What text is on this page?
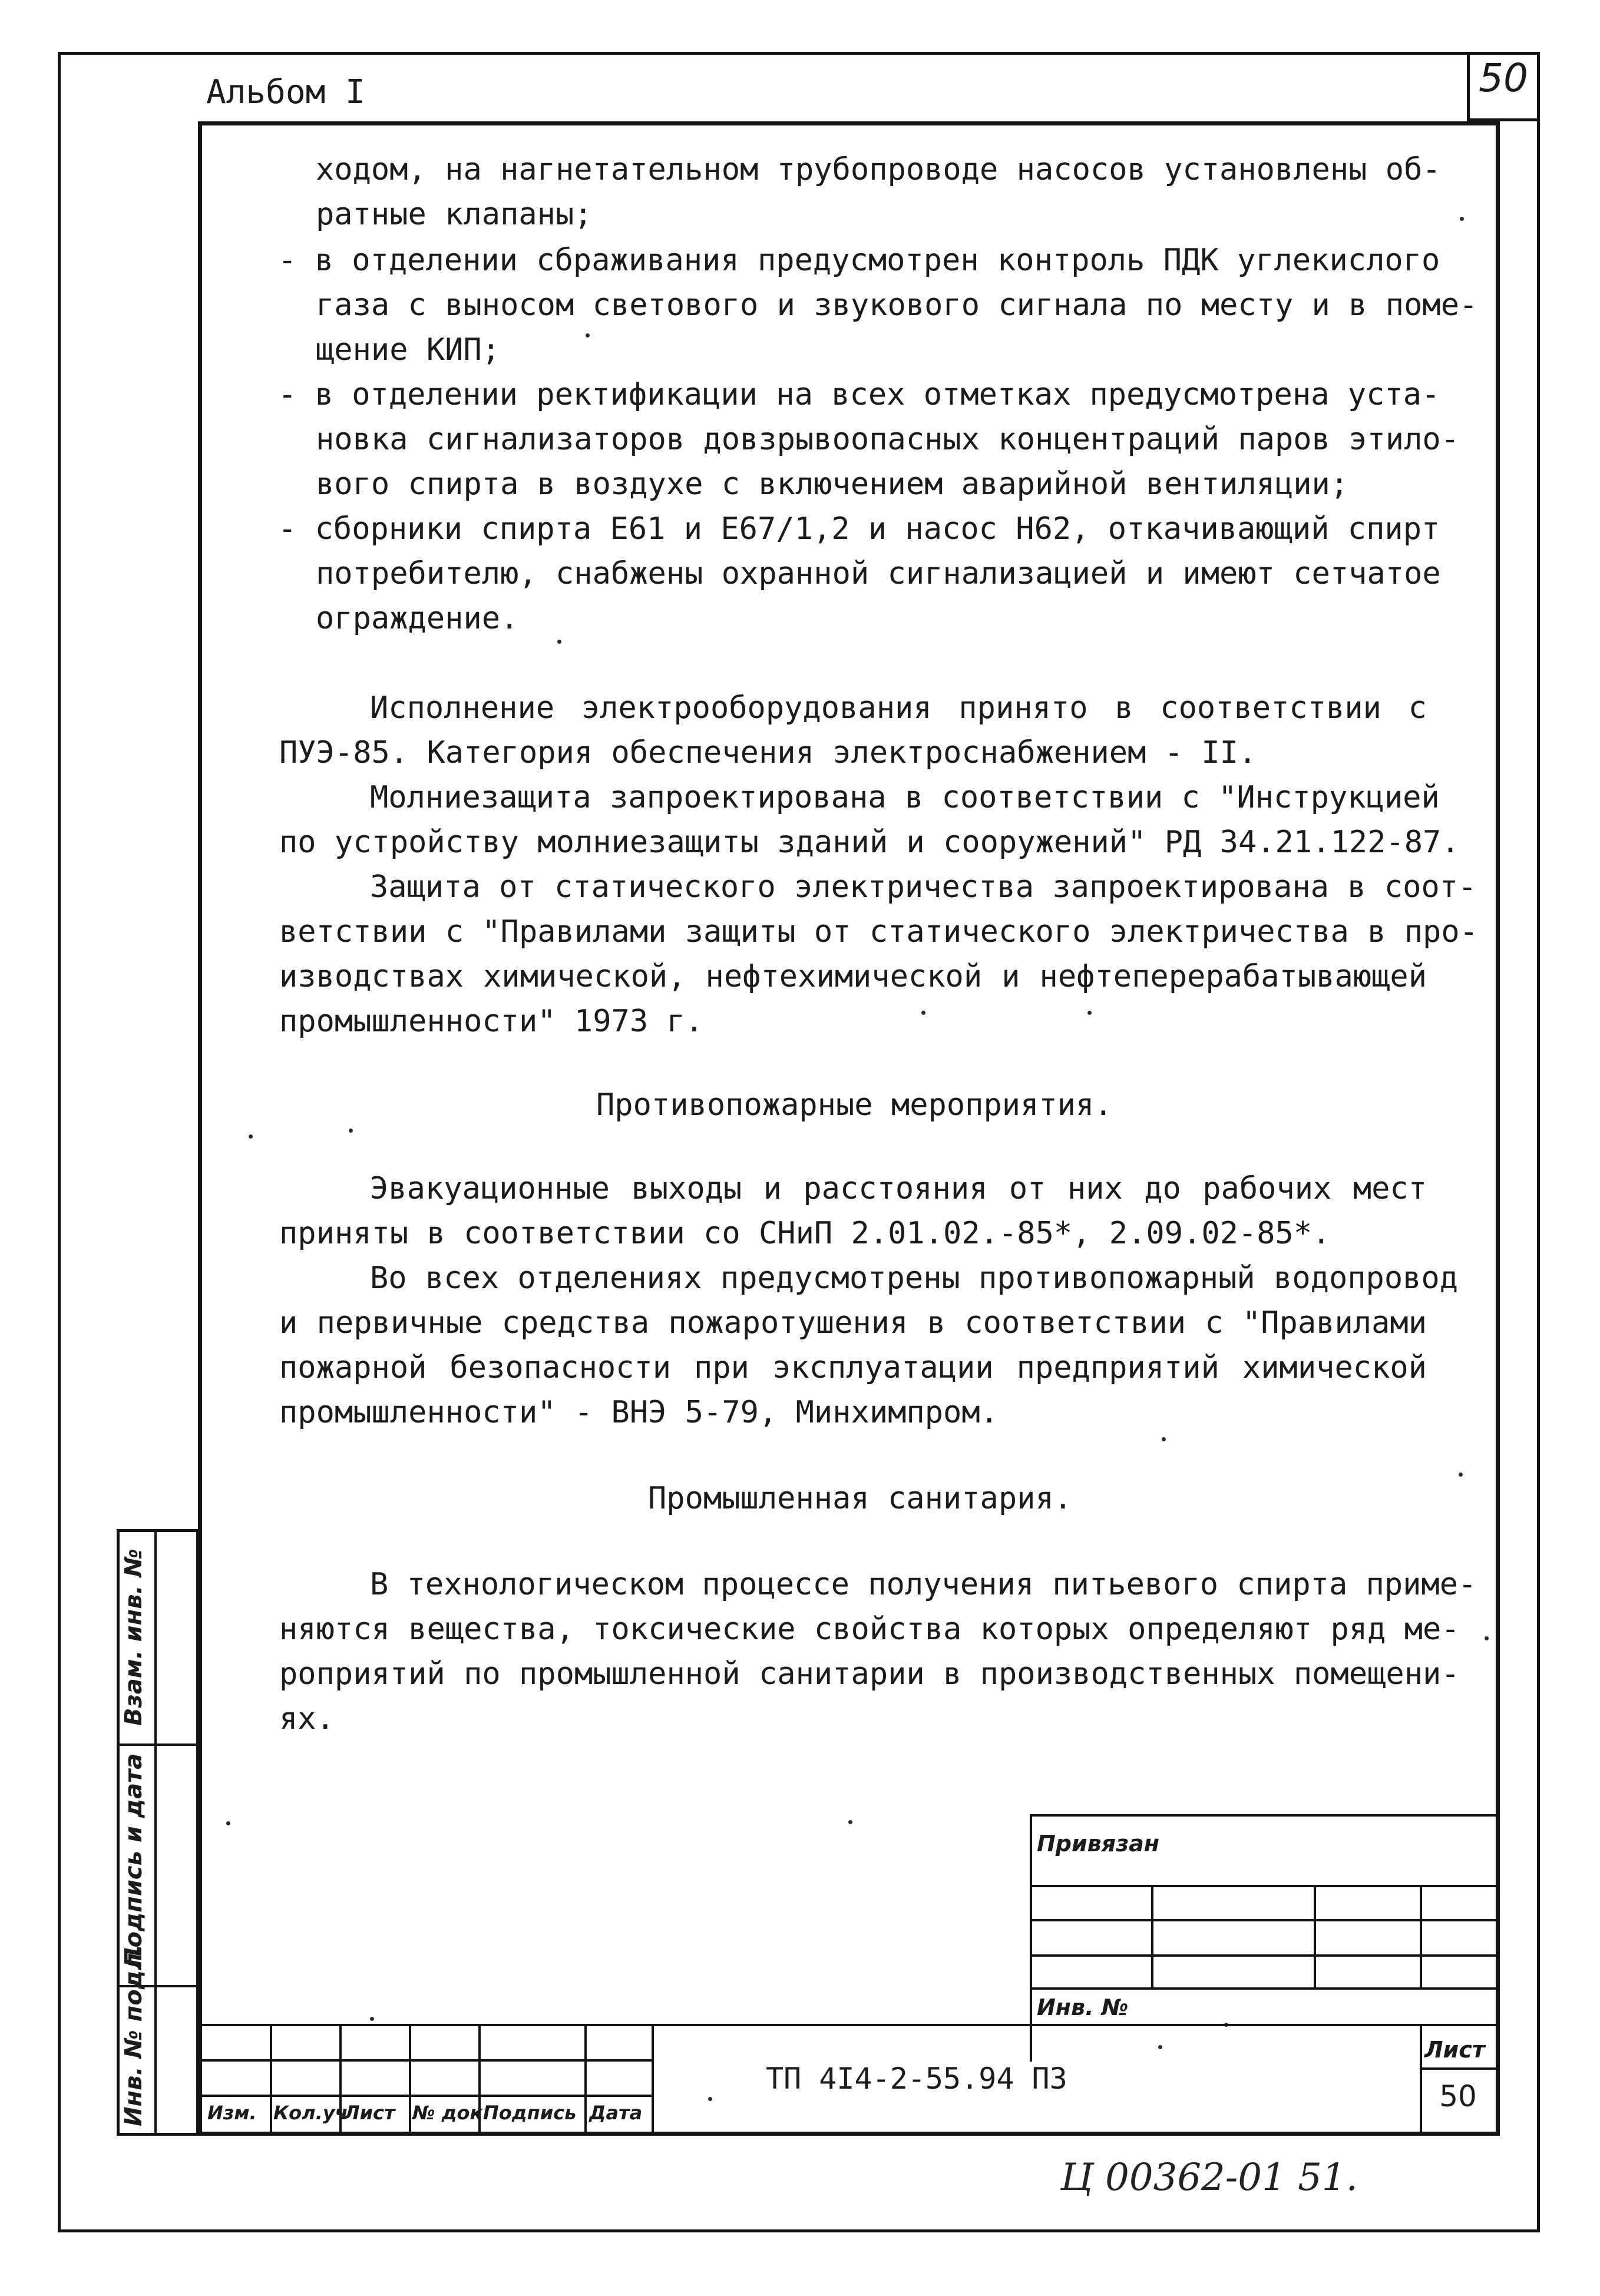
Альбом I	50
ходом, на нагнетательном трубопроводе насосов установлены об-
ратные клапаны;
- в отделении сбраживания предусмотрен контроль ПДК углекислого
газа с выносом светового и звукового сигнала по месту и в поме-
щение КИП;
- в отделении ректификации на всех отметках предусмотрена уста-
новка сигнализаторов довзрывоопасных концентраций паров этило-
вого спирта в воздухе с включением аварийной вентиляции;
- сборники спирта Е61 и Е67/1,2 и насос Н62, откачивающий спирт
потребителю, снабжены охранной сигнализацией и имеют сетчатое
ограждение.
Исполнение электрооборудования принято в соответствии с
ПУЭ-85. Категория обеспечения электроснабжением - II.
Молниезащита запроектирована в соответствии с "Инструкцией
по устройству молниезащиты зданий и сооружений" РД 34.21.122-87.
Защита от статического электричества запроектирована в соот-
ветствии с "Правилами защиты от статического электричества в про-
изводствах химической, нефтехимической и нефтеперерабатывающей
промышленности" 1973 г.
Противопожарные мероприятия.
Эвакуационные выходы и расстояния от них до рабочих мест
приняты в соответствии со СНиП 2.01.02.-85*, 2.09.02-85*.
Во всех отделениях предусмотрены противопожарный водопровод
и первичные средства пожаротушения в соответствии с "Правилами
пожарной безопасности при эксплуатации предприятий химической
промышленности" - ВНЭ 5-79, Минхимпром.
Промышленная санитария.
В технологическом процессе получения питьевого спирта приме-
няются вещества, токсические свойства которых определяют ряд ме-
роприятий по промышленной санитарии в производственных помещени-
ях.
Инв. № подл.
Подпись и дата
Взам. инв. №
Привязан
Инв. №
Изм. Кол.уч
Лист № док.
Подпись Дата
ТП 4I4-2-55.94 ПЗ
Лист
50
Ц 00362-01 51.
